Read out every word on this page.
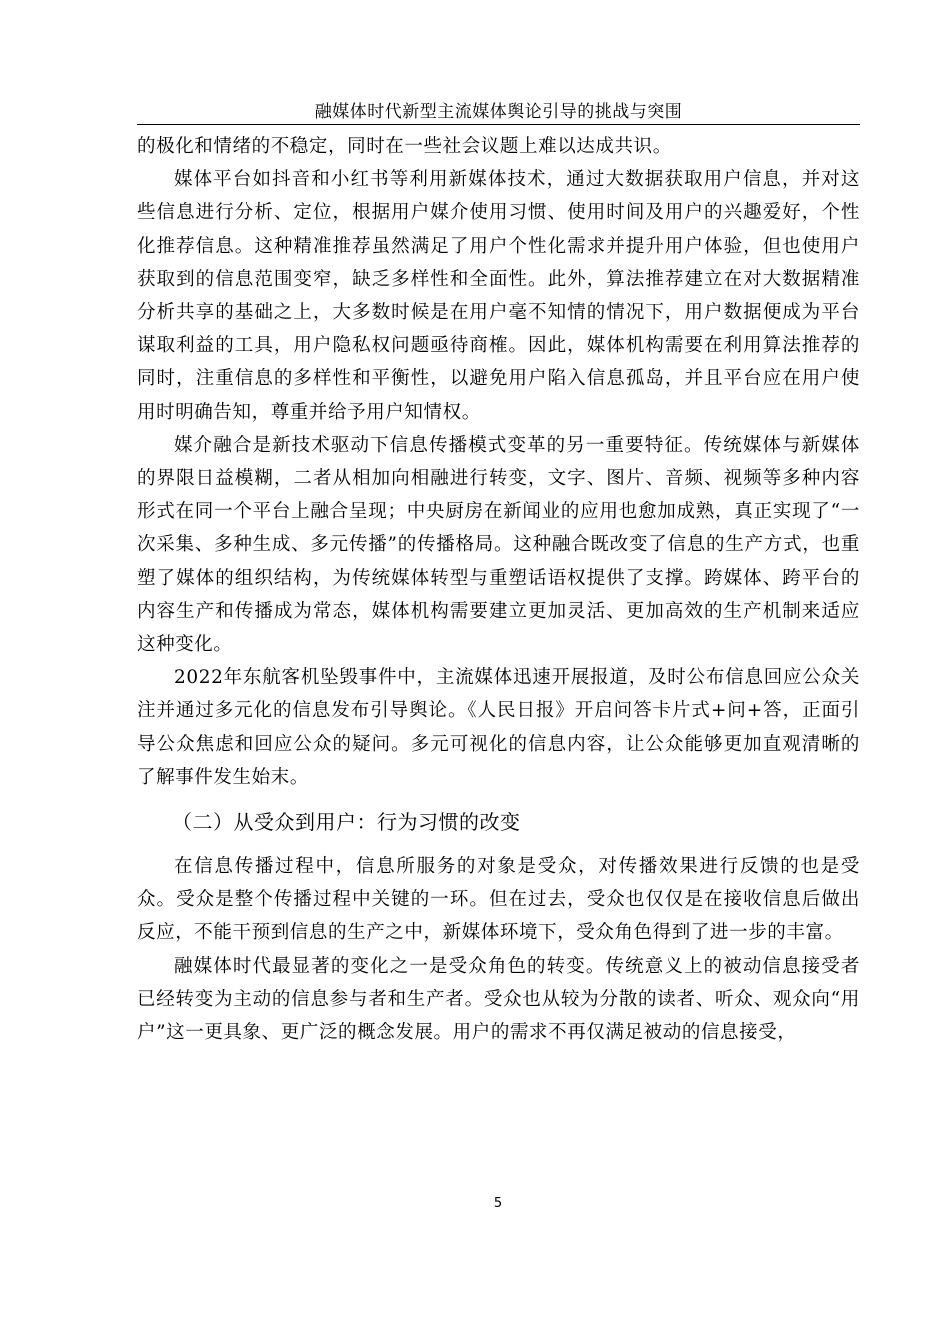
融媒体时代新型主流媒体舆论引导的挑战与突围

的极化和情绪的不稳定，同时在一些社会议题上难以达成共识。

媒体平台如抖音和小红书等利用新媒体技术，通过大数据获取用户信息，并对这些信息进行分析、定位，根据用户媒介使用习惯、使用时间及用户的兴趣爱好，个性化推荐信息。这种精准推荐虽然满足了用户个性化需求并提升用户体验，但也使用户获取到的信息范围变窄，缺乏多样性和全面性。此外，算法推荐建立在对大数据精准分析共享的基础之上，大多数时候是在用户毫不知情的情况下，用户数据便成为平台谋取利益的工具，用户隐私权问题亟待商榷。因此，媒体机构需要在利用算法推荐的同时，注重信息的多样性和平衡性，以避免用户陷入信息孤岛，并且平台应在用户使用时明确告知，尊重并给予用户知情权。

媒介融合是新技术驱动下信息传播模式变革的另一重要特征。传统媒体与新媒体的界限日益模糊，二者从相加向相融进行转变，文字、图片、音频、视频等多种内容形式在同一个平台上融合呈现；中央厨房在新闻业的应用也愈加成熟，真正实现了“一次采集、多种生成、多元传播”的传播格局。这种融合既改变了信息的生产方式，也重塑了媒体的组织结构，为传统媒体转型与重塑话语权提供了支撑。跨媒体、跨平台的内容生产和传播成为常态，媒体机构需要建立更加灵活、更加高效的生产机制来适应这种变化。

2022年东航客机坠毁事件中，主流媒体迅速开展报道，及时公布信息回应公众关注并通过多元化的信息发布引导舆论。《人民日报》开启问答卡片式+问+答，正面引导公众焦虑和回应公众的疑问。多元可视化的信息内容，让公众能够更加直观清晰的了解事件发生始末。

（二）从受众到用户：行为习惯的改变

在信息传播过程中，信息所服务的对象是受众，对传播效果进行反馈的也是受众。受众是整个传播过程中关键的一环。但在过去，受众也仅仅是在接收信息后做出反应，不能干预到信息的生产之中，新媒体环境下，受众角色得到了进一步的丰富。

融媒体时代最显著的变化之一是受众角色的转变。传统意义上的被动信息接受者已经转变为主动的信息参与者和生产者。受众也从较为分散的读者、听众、观众向“用户”这一更具象、更广泛的概念发展。用户的需求不再仅满足被动的信息接受，

5
